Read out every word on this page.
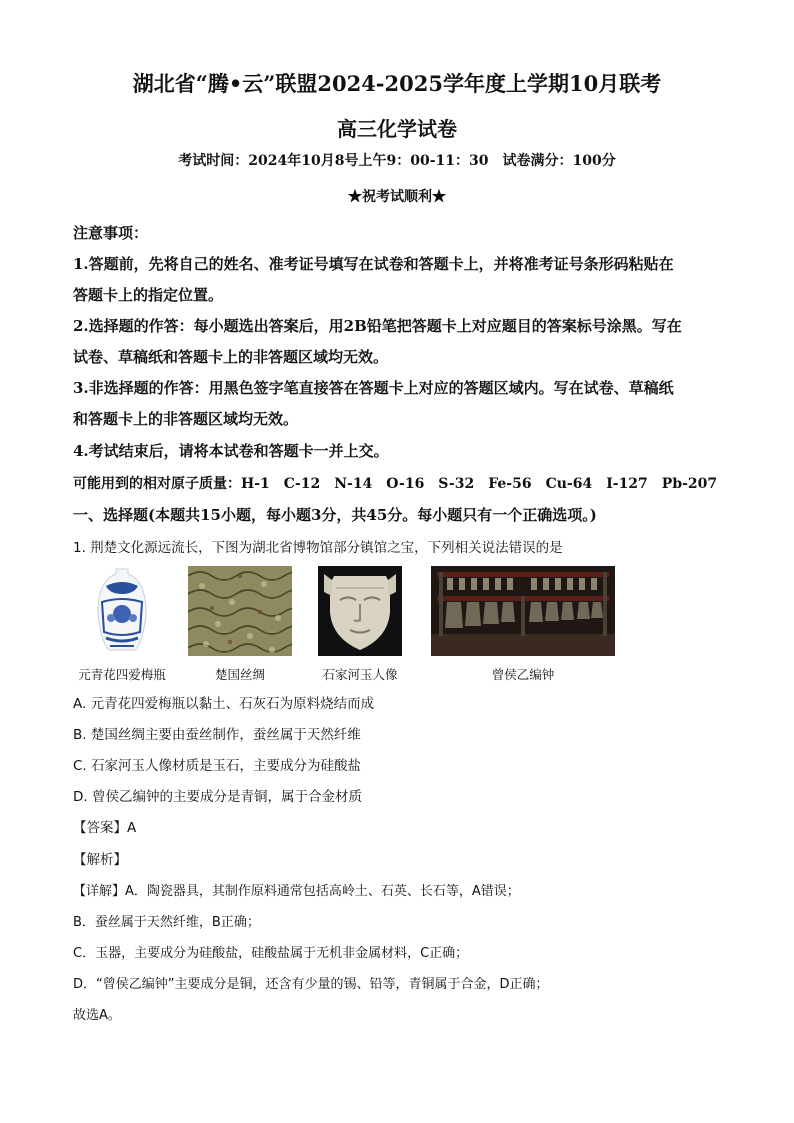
湖北省“腾•云”联盟2024-2025学年度上学期10月联考
高三化学试卷
考试时间：2024年10月8号上午9：00-11：30　试卷满分：100分
★祝考试顺利★
注意事项：
1.答题前，先将自己的姓名、准考证号填写在试卷和答题卡上，并将准考证号条形码粘贴在
答题卡上的指定位置。
2.选择题的作答：每小题选出答案后，用2B铅笔把答题卡上对应题目的答案标号涂黑。写在
试卷、草稿纸和答题卡上的非答题区域均无效。
3.非选择题的作答：用黑色签字笔直接答在答题卡上对应的答题区域内。写在试卷、草稿纸
和答题卡上的非答题区域均无效。
4.考试结束后，请将本试卷和答题卡一并上交。
可能用到的相对原子质量：H-1　C-12　N-14　O-16　S-32　Fe-56　Cu-64　I-127　Pb-207
一、选择题(本题共15小题，每小题3分，共45分。每小题只有一个正确选项。)
1. 荆楚文化源远流长，下图为湖北省博物馆部分镇馆之宝，下列相关说法错误的是
元青花四爱梅瓶	楚国丝绸	石家河玉人像	曾侯乙编钟
A. 元青花四爱梅瓶以黏土、石灰石为原料烧结而成
B. 楚国丝绸主要由蚕丝制作，蚕丝属于天然纤维
C. 石家河玉人像材质是玉石，主要成分为硅酸盐
D. 曾侯乙编钟的主要成分是青铜，属于合金材质
【答案】A
【解析】
【详解】A．陶瓷器具，其制作原料通常包括高岭土、石英、长石等，A错误；
B．蚕丝属于天然纤维，B正确；
C．玉器，主要成分为硅酸盐，硅酸盐属于无机非金属材料，C正确；
D．“曾侯乙编钟”主要成分是铜，还含有少量的锡、铅等，青铜属于合金，D正确；
故选A。
